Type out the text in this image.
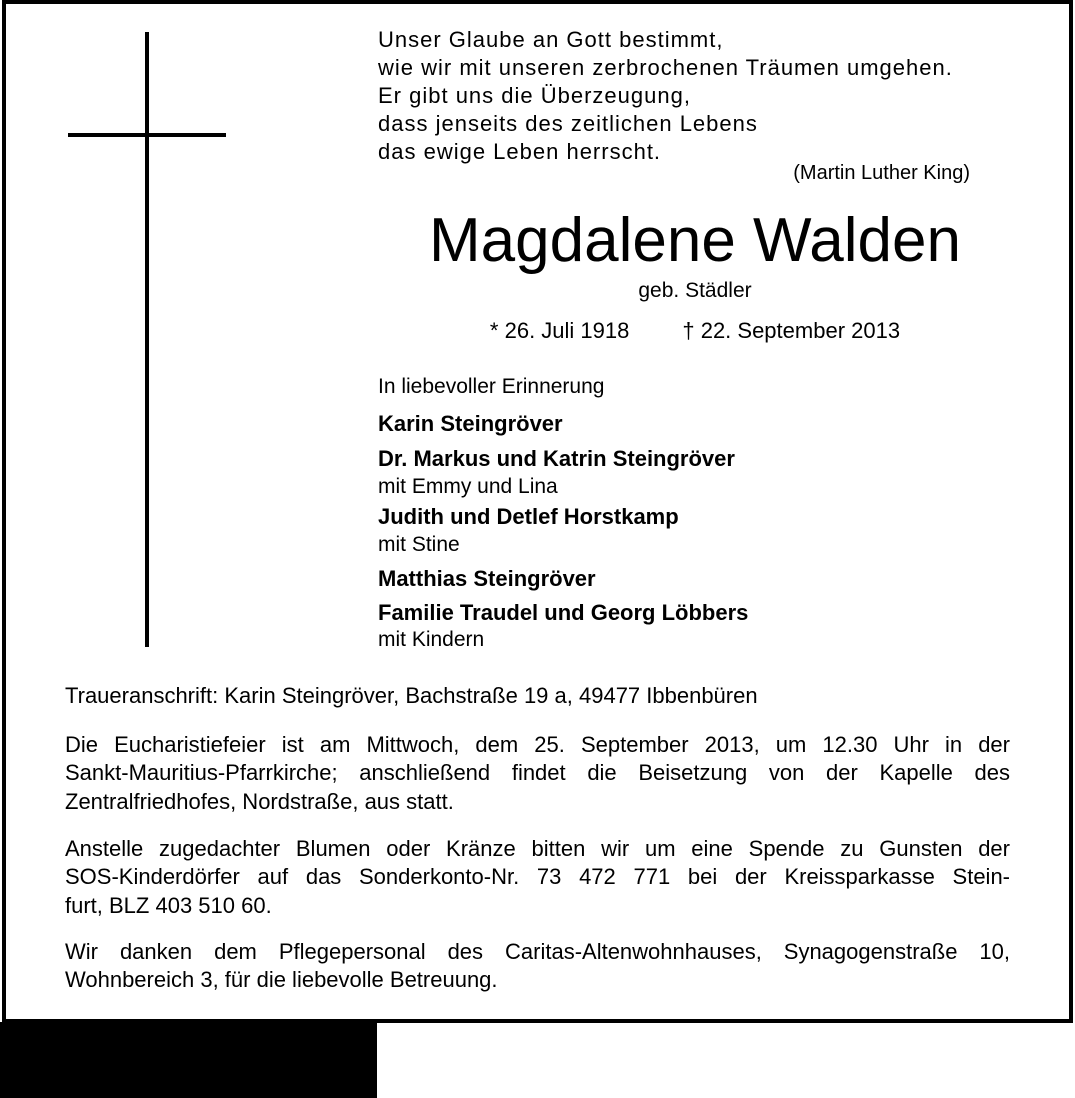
Unser Glaube an Gott bestimmt,
wie wir mit unseren zerbrochenen Träumen umgehen.
Er gibt uns die Überzeugung,
dass jenseits des zeitlichen Lebens
das ewige Leben herrscht.
(Martin Luther King)
Magdalene Walden
geb. Städler
* 26. Juli 1918 † 22. September 2013
In liebevoller Erinnerung
Karin Steingröver
Dr. Markus und Katrin Steingröver
mit Emmy und Lina
Judith und Detlef Horstkamp
mit Stine
Matthias Steingröver
Familie Traudel und Georg Löbbers
mit Kindern
Traueranschrift: Karin Steingröver, Bachstraße 19 a, 49477 Ibbenbüren
Die Eucharistiefeier ist am Mittwoch, dem 25. September 2013, um 12.30 Uhr in der
Sankt-Mauritius-Pfarrkirche; anschließend findet die Beisetzung von der Kapelle des
Zentralfriedhofes, Nordstraße, aus statt.
Anstelle zugedachter Blumen oder Kränze bitten wir um eine Spende zu Gunsten der
SOS-Kinderdörfer auf das Sonderkonto-Nr. 73 472 771 bei der Kreissparkasse Stein-
furt, BLZ 403 510 60.
Wir danken dem Pflegepersonal des Caritas-Altenwohnhauses, Synagogenstraße 10,
Wohnbereich 3, für die liebevolle Betreuung.
